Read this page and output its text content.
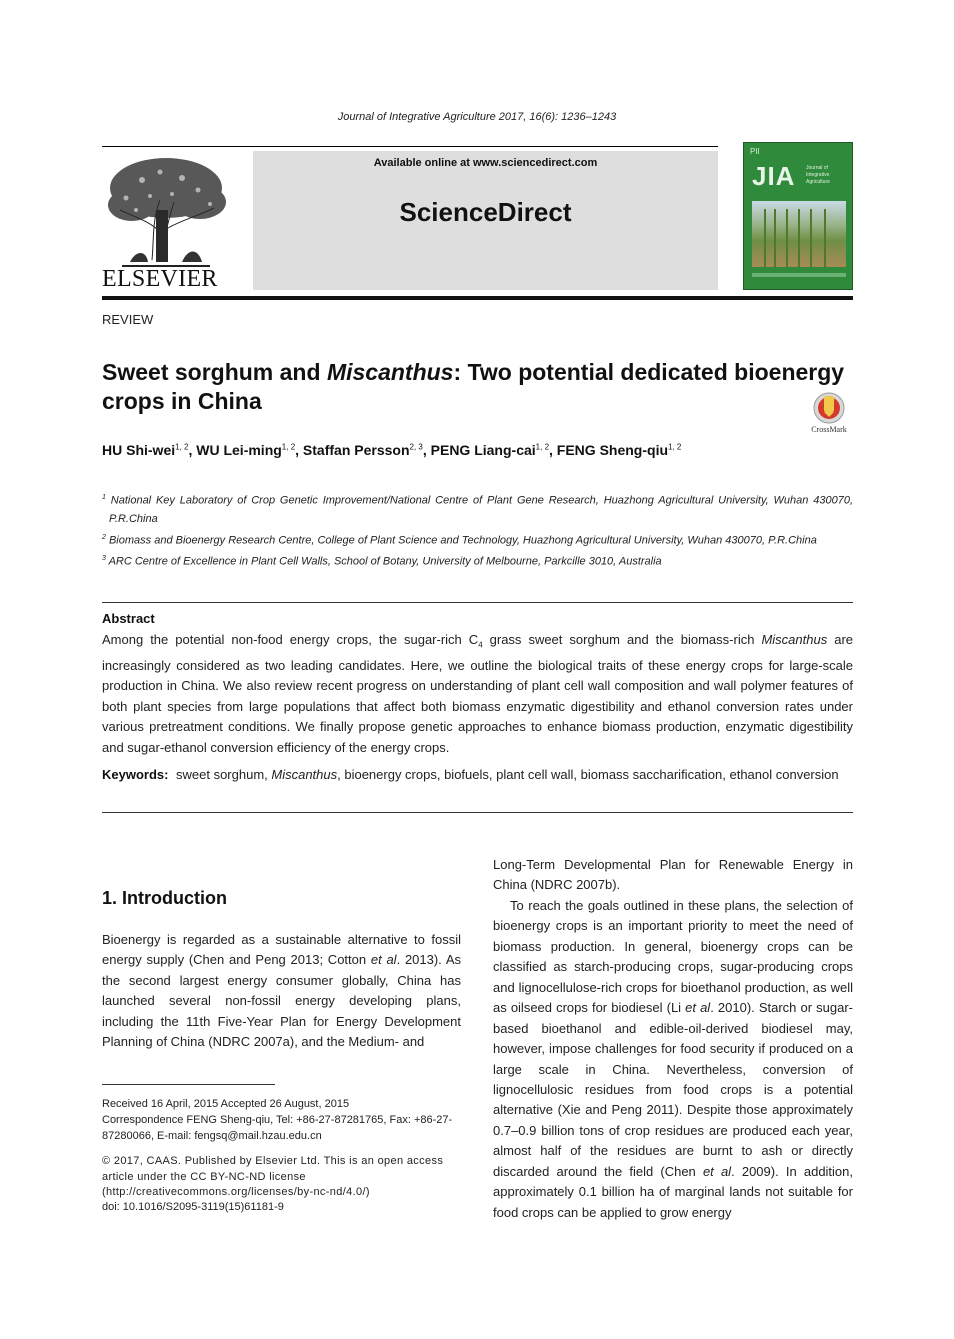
Journal of Integrative Agriculture 2017, 16(6): 1236–1243
ELSEVIER
Available online at www.sciencedirect.com
ScienceDirect
PII
JIA Journal of Integrative Agriculture
REVIEW
Sweet sorghum and Miscanthus: Two potential dedicated bioenergy crops in China
CrossMark
HU Shi-wei$^{1, 2}$, WU Lei-ming$^{1, 2}$, Staffan Persson$^{2, 3}$, PENG Liang-cai$^{1, 2}$, FENG Sheng-qiu$^{1, 2}$
$^1$ National Key Laboratory of Crop Genetic Improvement/National Centre of Plant Gene Research, Huazhong Agricultural University, Wuhan 430070, P.R.China
$^2$ Biomass and Bioenergy Research Centre, College of Plant Science and Technology, Huazhong Agricultural University, Wuhan 430070, P.R.China
$^3$ ARC Centre of Excellence in Plant Cell Walls, School of Botany, University of Melbourne, Parkcille 3010, Australia
Abstract
Among the potential non-food energy crops, the sugar-rich $C_4$ grass sweet sorghum and the biomass-rich Miscanthus are increasingly considered as two leading candidates. Here, we outline the biological traits of these energy crops for large-scale production in China. We also review recent progress on understanding of plant cell wall composition and wall polymer features of both plant species from large populations that affect both biomass enzymatic digestibility and ethanol conversion rates under various pretreatment conditions. We finally propose genetic approaches to enhance biomass production, enzymatic digestibility and sugar-ethanol conversion efficiency of the energy crops.
Keywords: sweet sorghum, Miscanthus, bioenergy crops, biofuels, plant cell wall, biomass saccharification, ethanol conversion
1. Introduction

Bioenergy is regarded as a sustainable alternative to fossil energy supply (Chen and Peng 2013; Cotton et al. 2013). As the second largest energy consumer globally, China has launched several non-fossil energy developing plans, including the 11th Five-Year Plan for Energy Development Planning of China (NDRC 2007a), and the Medium- and

Long-Term Developmental Plan for Renewable Energy in China (NDRC 2007b).

To reach the goals outlined in these plans, the selection of bioenergy crops is an important priority to meet the need of biomass production. In general, bioenergy crops can be classified as starch-producing crops, sugar-producing crops and lignocellulose-rich crops for bioethanol production, as well as oilseed crops for biodiesel (Li et al. 2010). Starch or sugar-based bioethanol and edible-oil-derived biodiesel may, however, impose challenges for food security if produced on a large scale in China. Nevertheless, conversion of lignocellulosic residues from food crops is a potential alternative (Xie and Peng 2011). Despite those approximately 0.7–0.9 billion tons of crop residues are produced each year, almost half of the residues are burnt to ash or directly discarded around the field (Chen et al. 2009). In addition, approximately 0.1 billion ha of marginal lands not suitable for food crops can be applied to grow energy

Received 16 April, 2015 Accepted 26 August, 2015
Correspondence FENG Sheng-qiu, Tel: +86-27-87281765, Fax: +86-27-87280066, E-mail: fengsq@mail.hzau.edu.cn
© 2017, CAAS. Published by Elsevier Ltd. This is an open access article under the CC BY-NC-ND license (http://creativecommons.org/licenses/by-nc-nd/4.0/)
doi: 10.1016/S2095-3119(15)61181-9
